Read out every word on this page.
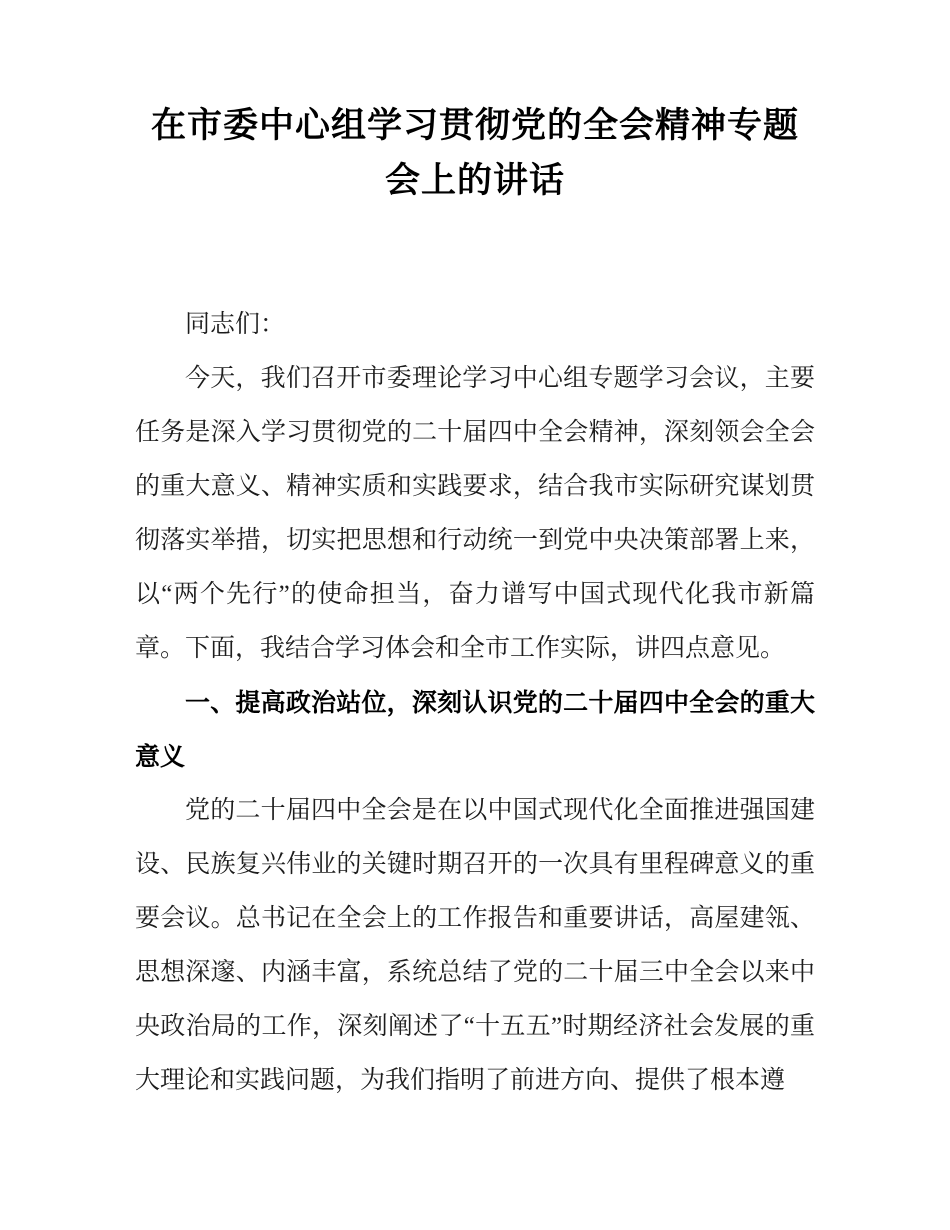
在市委中心组学习贯彻党的全会精神专题会上的讲话

同志们：

今天，我们召开市委理论学习中心组专题学习会议，主要任务是深入学习贯彻党的二十届四中全会精神，深刻领会全会的重大意义、精神实质和实践要求，结合我市实际研究谋划贯彻落实举措，切实把思想和行动统一到党中央决策部署上来，以“两个先行”的使命担当，奋力谱写中国式现代化我市新篇章。下面，我结合学习体会和全市工作实际，讲四点意见。

一、提高政治站位，深刻认识党的二十届四中全会的重大意义

党的二十届四中全会是在以中国式现代化全面推进强国建设、民族复兴伟业的关键时期召开的一次具有里程碑意义的重要会议。总书记在全会上的工作报告和重要讲话，高屋建瓴、思想深邃、内涵丰富，系统总结了党的二十届三中全会以来中央政治局的工作，深刻阐述了“十五五”时期经济社会发展的重大理论和实践问题，为我们指明了前进方向、提供了根本遵
